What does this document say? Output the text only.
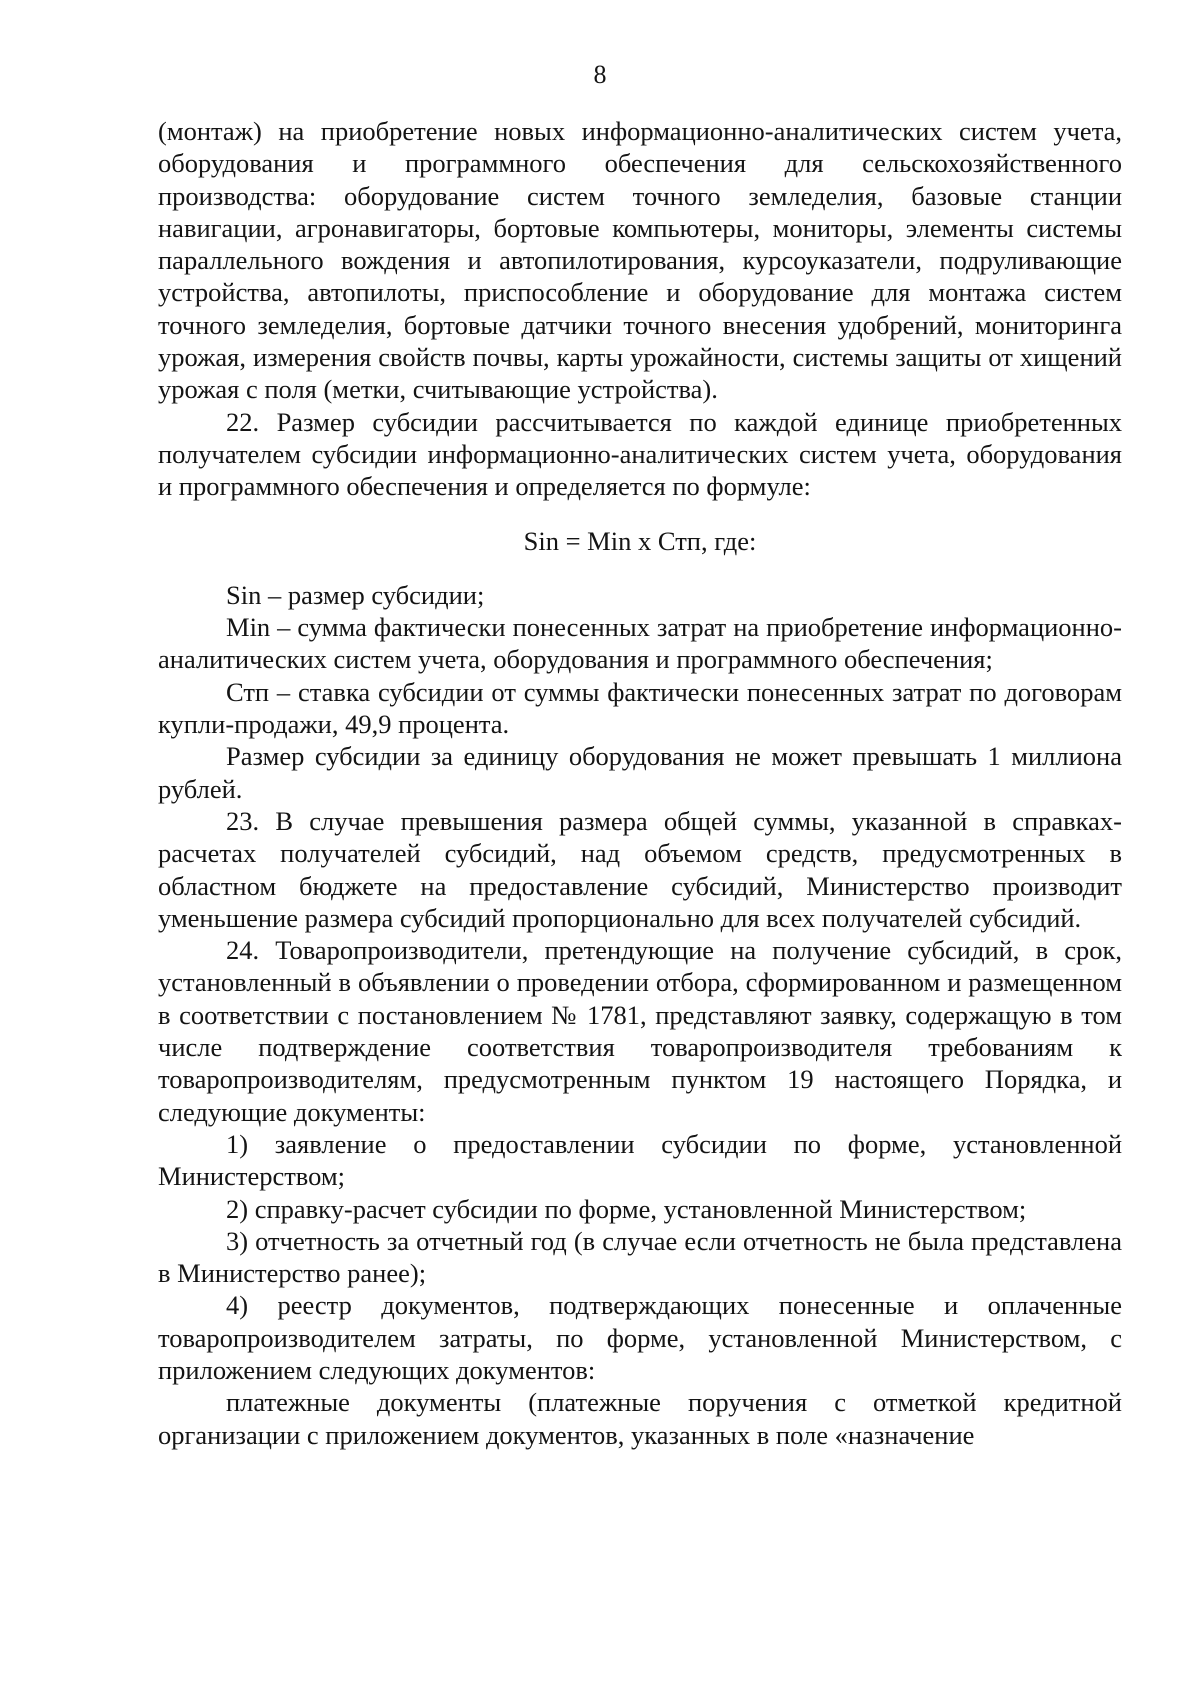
8

(монтаж) на приобретение новых информационно-аналитических систем учета, оборудования и программного обеспечения для сельскохозяйственного производства: оборудование систем точного земледелия, базовые станции навигации, агронавигаторы, бортовые компьютеры, мониторы, элементы системы параллельного вождения и автопилотирования, курсоуказатели, подруливающие устройства, автопилоты, приспособление и оборудование для монтажа систем точного земледелия, бортовые датчики точного внесения удобрений, мониторинга урожая, измерения свойств почвы, карты урожайности, системы защиты от хищений урожая с поля (метки, считывающие устройства).

22. Размер субсидии рассчитывается по каждой единице приобретенных получателем субсидии информационно-аналитических систем учета, оборудования и программного обеспечения и определяется по формуле:

Sin = Min х Стп, где:

Sin – размер субсидии;

Min – сумма фактически понесенных затрат на приобретение информационно-аналитических систем учета, оборудования и программного обеспечения;

Стп – ставка субсидии от суммы фактически понесенных затрат по договорам купли-продажи, 49,9 процента.

Размер субсидии за единицу оборудования не может превышать 1 миллиона рублей.

23. В случае превышения размера общей суммы, указанной в справках-расчетах получателей субсидий, над объемом средств, предусмотренных в областном бюджете на предоставление субсидий, Министерство производит уменьшение размера субсидий пропорционально для всех получателей субсидий.

24. Товаропроизводители, претендующие на получение субсидий, в срок, установленный в объявлении о проведении отбора, сформированном и размещенном в соответствии с постановлением № 1781, представляют заявку, содержащую в том числе подтверждение соответствия товаропроизводителя требованиям к товаропроизводителям, предусмотренным пунктом 19 настоящего Порядка, и следующие документы:

1) заявление о предоставлении субсидии по форме, установленной Министерством;

2) справку-расчет субсидии по форме, установленной Министерством;

3) отчетность за отчетный год (в случае если отчетность не была представлена в Министерство ранее);

4) реестр документов, подтверждающих понесенные и оплаченные товаропроизводителем затраты, по форме, установленной Министерством, с приложением следующих документов:

платежные документы (платежные поручения с отметкой кредитной организации с приложением документов, указанных в поле «назначение
